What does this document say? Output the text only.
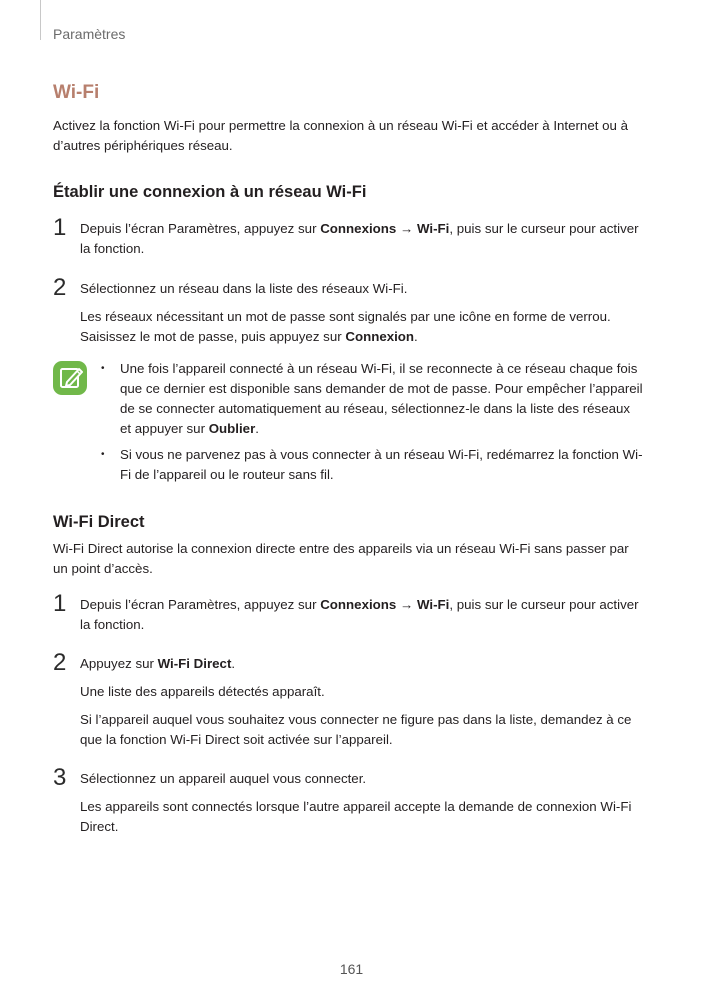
Paramètres
Wi-Fi

Activez la fonction Wi-Fi pour permettre la connexion à un réseau Wi-Fi et accéder à Internet ou à d’autres périphériques réseau.

Établir une connexion à un réseau Wi-Fi
1 Depuis l’écran Paramètres, appuyez sur Connexions → Wi-Fi, puis sur le curseur pour activer la fonction.

2 Sélectionnez un réseau dans la liste des réseaux Wi-Fi.

Les réseaux nécessitant un mot de passe sont signalés par une icône en forme de verrou. Saisissez le mot de passe, puis appuyez sur Connexion.

• Une fois l’appareil connecté à un réseau Wi-Fi, il se reconnecte à ce réseau chaque fois que ce dernier est disponible sans demander de mot de passe. Pour empêcher l’appareil de se connecter automatiquement au réseau, sélectionnez-le dans la liste des réseaux et appuyer sur Oublier.
• Si vous ne parvenez pas à vous connecter à un réseau Wi-Fi, redémarrez la fonction Wi-Fi de l’appareil ou le routeur sans fil.
Wi-Fi Direct

Wi-Fi Direct autorise la connexion directe entre des appareils via un réseau Wi-Fi sans passer par un point d’accès.

1 Depuis l’écran Paramètres, appuyez sur Connexions → Wi-Fi, puis sur le curseur pour activer la fonction.

2 Appuyez sur Wi-Fi Direct.

Une liste des appareils détectés apparaît.

Si l’appareil auquel vous souhaitez vous connecter ne figure pas dans la liste, demandez à ce que la fonction Wi-Fi Direct soit activée sur l’appareil.

3 Sélectionnez un appareil auquel vous connecter.

Les appareils sont connectés lorsque l’autre appareil accepte la demande de connexion Wi-Fi Direct.

161
